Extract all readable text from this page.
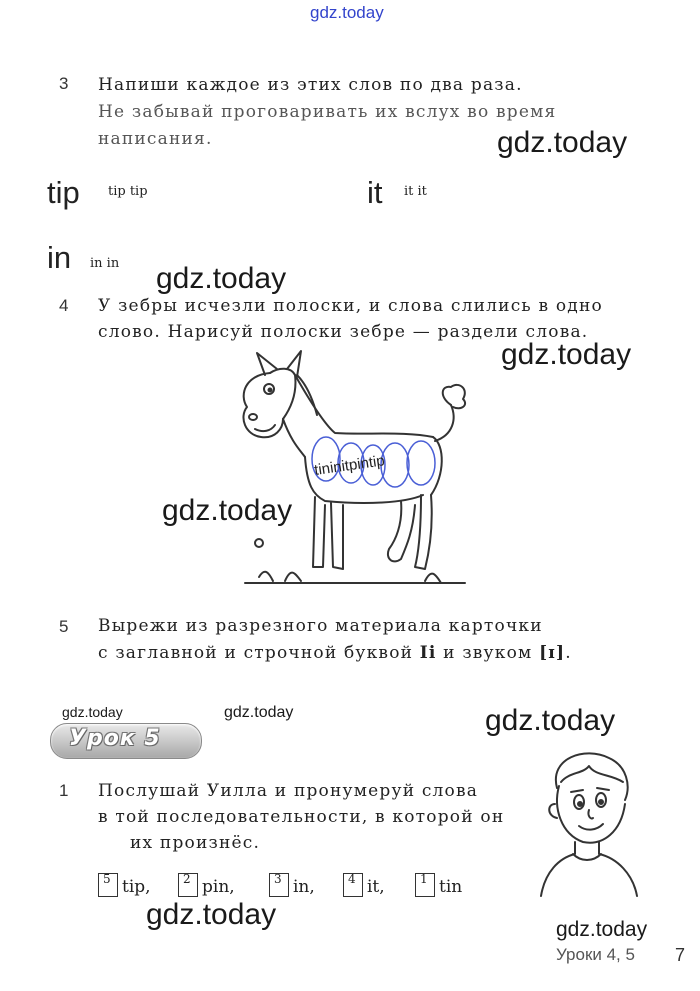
gdz.today
3 Напиши каждое из этих слов по два раза.
Не забывай проговаривать их вслух во время
написания.	gdz.today
tip tip tip	it it it
in in in gdz.today
4 У зебры исчезли полоски, и слова слились в одно
слово. Нарисуй полоски зебре — раздели слова.
gdz.today
tininitpintip
gdz.today
5 Вырежи из разрезного материала карточки
с заглавной и строчной буквой Ii и звуком [ɪ].
gdz.today	gdz.today
Урок 5
gdz.today
1 Послушай Уилла и пронумеруй слова
в той последовательности, в которой он
их произнёс.
5 tip,	2 pin,	3 in,	4 it,	1 tin
gdz.today	gdz.today
Уроки 4, 5 7
